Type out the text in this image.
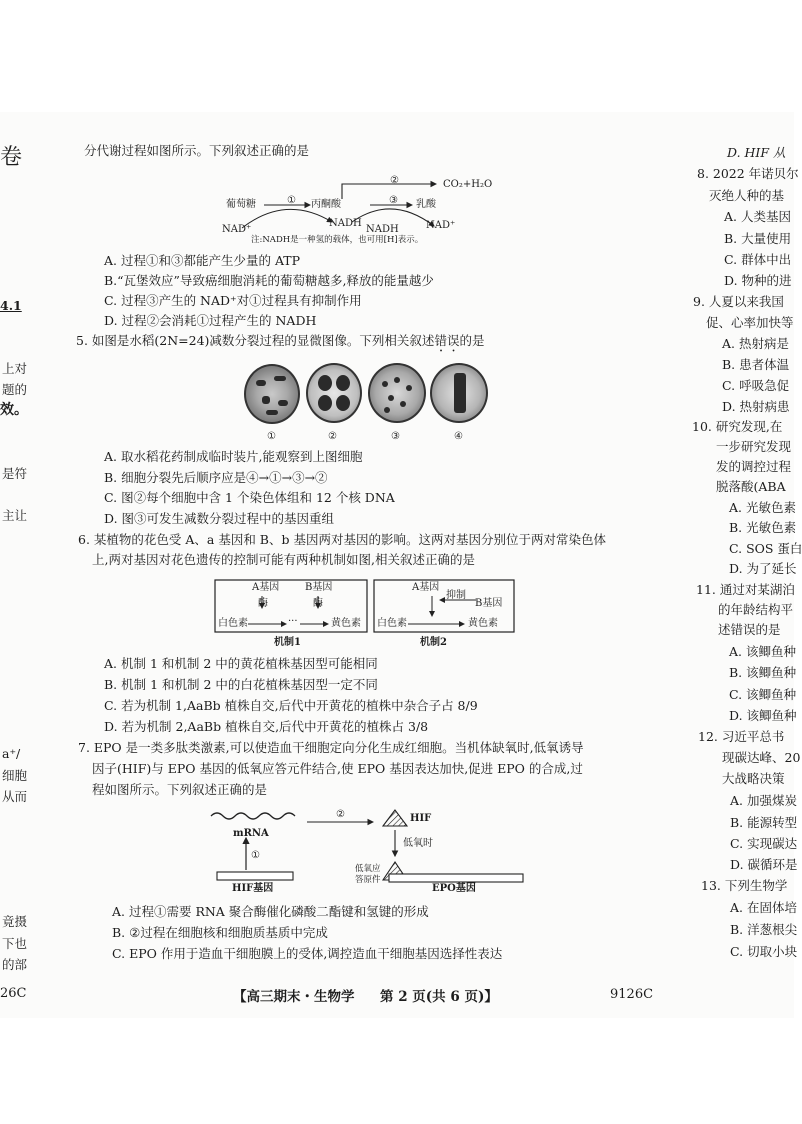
卷
4.1
上对
题的
效。
是符
主让
a⁺/
细胞
从而
竟摄
下也
的部
26C
分代谢过程如图所示。下列叙述正确的是
葡萄糖	① 丙酮酸
②	CO₂+H₂O
③ 乳酸
NAD⁺
NADH
NADH	NAD⁺
注:NADH是一种氢的载体，也可用[H]表示。
A. 过程①和③都能产生少量的 ATP
B.“瓦堡效应”导致癌细胞消耗的葡萄糖越多,释放的能量越少
C. 过程③产生的 NAD⁺对①过程具有抑制作用
D. 过程②会消耗①过程产生的 NADH
5. 如图是水稻(2N=24)减数分裂过程的显微图像。下列相关叙述错误的是
①	②	③	④
A. 取水稻花药制成临时装片,能观察到上图细胞
B. 细胞分裂先后顺序应是④→①→③→②
C. 图②每个细胞中含 1 个染色体组和 12 个核 DNA
D. 图③可发生减数分裂过程中的基因重组
6. 某植物的花色受 A、a 基因和 B、b 基因两对基因的影响。这两对基因分别位于两对常染色体
上,两对基因对花色遗传的控制可能有两种机制如图,相关叙述正确的是
A基因	B基因
酶	酶
白色素	···	黄色素
机制1
A基因
抑制
B基因
白色素	黄色素
机制2
A. 机制 1 和机制 2 中的黄花植株基因型可能相同
B. 机制 1 和机制 2 中的白花植株基因型一定不同
C. 若为机制 1,AaBb 植株自交,后代中开黄花的植株中杂合子占 8/9
D. 若为机制 2,AaBb 植株自交,后代中开黄花的植株占 3/8
7. EPO 是一类多肽类激素,可以使造血干细胞定向分化生成红细胞。当机体缺氧时,低氧诱导
因子(HIF)与 EPO 基因的低氧应答元件结合,使 EPO 基因表达加快,促进 EPO 的合成,过
程如图所示。下列叙述正确的是
mRNA
①
②	HIF
低氧时
低氧应
答原件
HIF基因	EPO基因
A. 过程①需要 RNA 聚合酶催化磷酸二酯键和氢键的形成
B. ②过程在细胞核和细胞质基质中完成
C. EPO 作用于造血干细胞膜上的受体,调控造血干细胞基因选择性表达
【高三期末・生物学 第 2 页(共 6 页)】	9126C
D. HIF 从
8. 2022 年诺贝尔
灭绝人种的基
A. 人类基因
B. 大量使用
C. 群体中出
D. 物种的进
9. 人夏以来我国
促、心率加快等
A. 热射病是
B. 患者体温
C. 呼吸急促
D. 热射病患
10. 研究发现,在
一步研究发现
发的调控过程
脱落酸(ABA
A. 光敏色素
B. 光敏色素
C. SOS 蛋白
D. 为了延长
11. 通过对某湖泊
的年龄结构平
述错误的是
A. 该鲫鱼种
B. 该鲫鱼种
C. 该鲫鱼种
D. 该鲫鱼种
12. 习近平总书
现碳达峰、20
大战略决策
A. 加强煤炭
B. 能源转型
C. 实现碳达
D. 碳循环是
13. 下列生物学
A. 在固体培
B. 洋葱根尖
C. 切取小块
